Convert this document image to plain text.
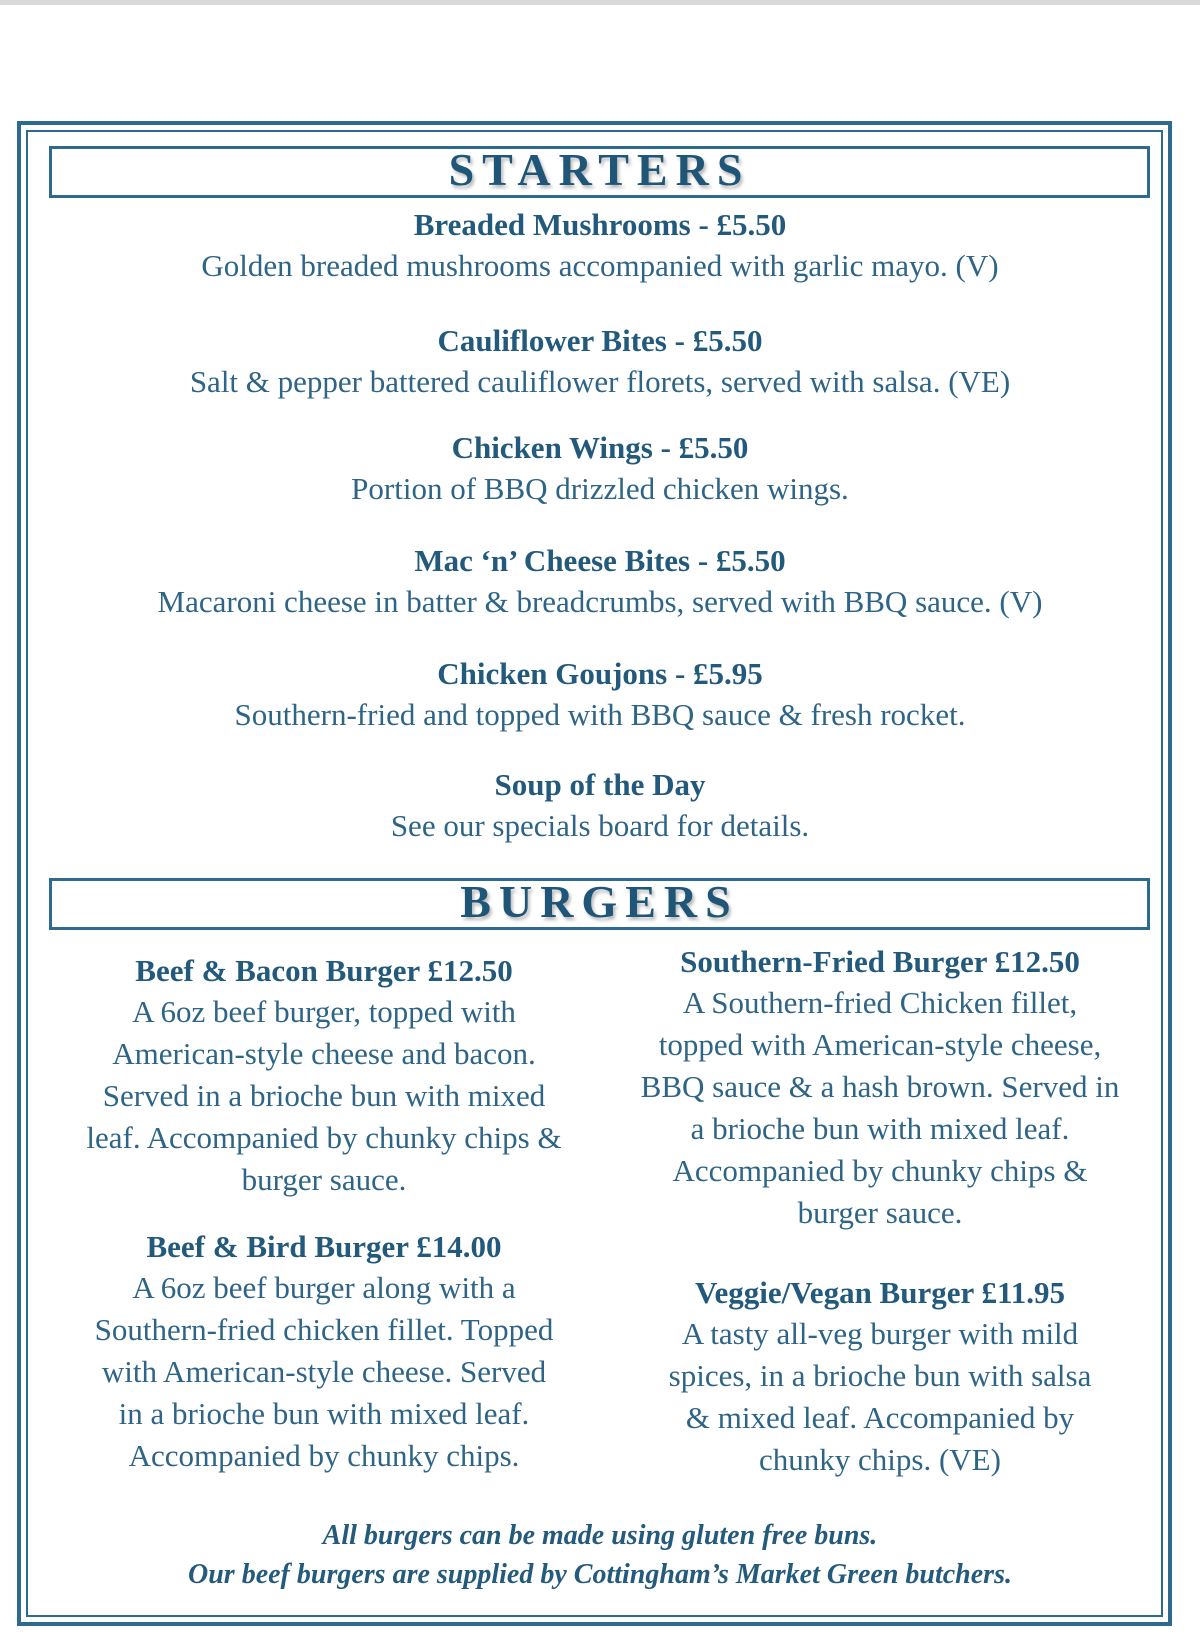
STARTERS
Breaded Mushrooms - £5.50
Golden breaded mushrooms accompanied with garlic mayo. (V)
Cauliflower Bites - £5.50
Salt & pepper battered cauliflower florets, served with salsa. (VE)
Chicken Wings - £5.50
Portion of BBQ drizzled chicken wings.
Mac ‘n’ Cheese Bites - £5.50
Macaroni cheese in batter & breadcrumbs, served with BBQ sauce. (V)
Chicken Goujons - £5.95
Southern-fried and topped with BBQ sauce & fresh rocket.
Soup of the Day
See our specials board for details.
BURGERS
Beef & Bacon Burger £12.50
A 6oz beef burger, topped with
American-style cheese and bacon.
Served in a brioche bun with mixed
leaf. Accompanied by chunky chips &
burger sauce.
Beef & Bird Burger £14.00
A 6oz beef burger along with a
Southern-fried chicken fillet. Topped
with American-style cheese. Served
in a brioche bun with mixed leaf.
Accompanied by chunky chips.
Southern-Fried Burger £12.50
A Southern-fried Chicken fillet,
topped with American-style cheese,
BBQ sauce & a hash brown. Served in
a brioche bun with mixed leaf.
Accompanied by chunky chips &
burger sauce.
Veggie/Vegan Burger £11.95
A tasty all-veg burger with mild
spices, in a brioche bun with salsa
& mixed leaf. Accompanied by
chunky chips. (VE)
All burgers can be made using gluten free buns.
Our beef burgers are supplied by Cottingham’s Market Green butchers.
